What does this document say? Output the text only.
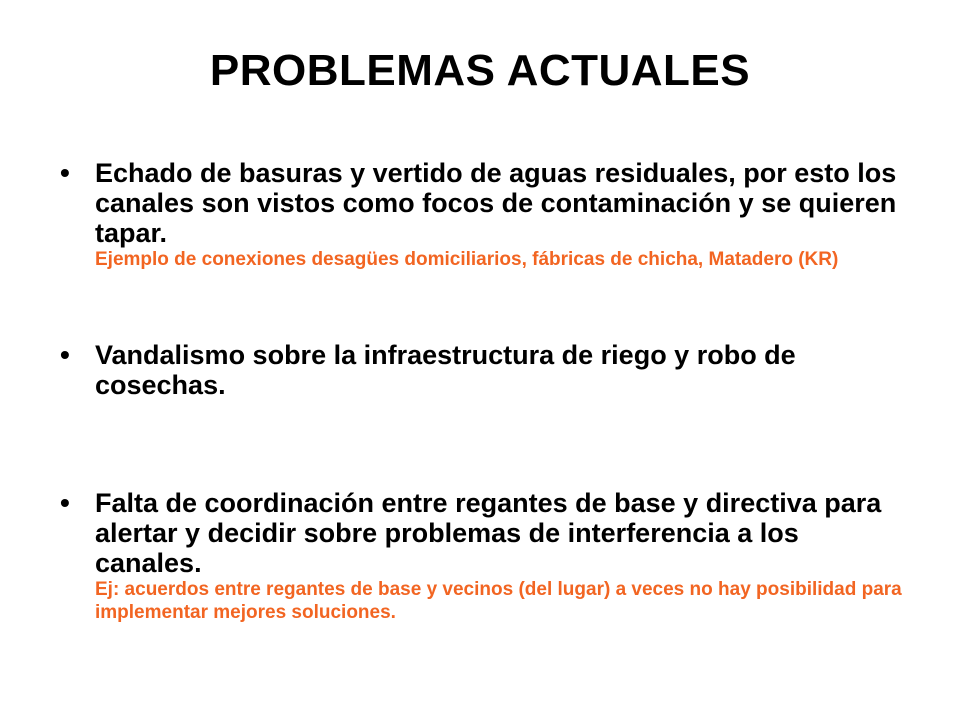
PROBLEMAS ACTUALES
• Echado de basuras y vertido de aguas residuales, por esto los canales son vistos como focos de contaminación y se quieren tapar.
Ejemplo de conexiones desagües domiciliarios, fábricas de chicha, Matadero (KR)
• Vandalismo sobre la infraestructura de riego y robo de cosechas.
• Falta de coordinación entre regantes de base y directiva para alertar y decidir sobre problemas de interferencia a los canales.
Ej: acuerdos entre regantes de base y vecinos (del lugar) a veces no hay posibilidad para implementar mejores soluciones.
